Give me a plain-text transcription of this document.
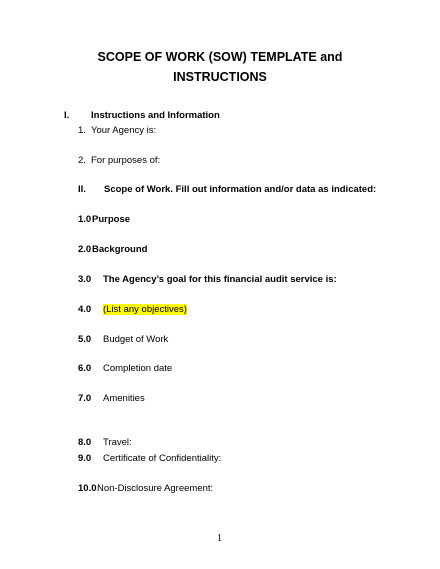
SCOPE OF WORK (SOW) TEMPLATE and
INSTRUCTIONS
I. Instructions and Information
1. Your Agency is:
2. For purposes of:
II. Scope of Work. Fill out information and/or data as indicated:
1.0 Purpose
2.0 Background
3.0 The Agency’s goal for this financial audit service is:
4.0 (List any objectives)
5.0 Budget of Work
6.0 Completion date
7.0 Amenities
8.0 Travel:
9.0 Certificate of Confidentiality:
10.0 Non-Disclosure Agreement:
1
